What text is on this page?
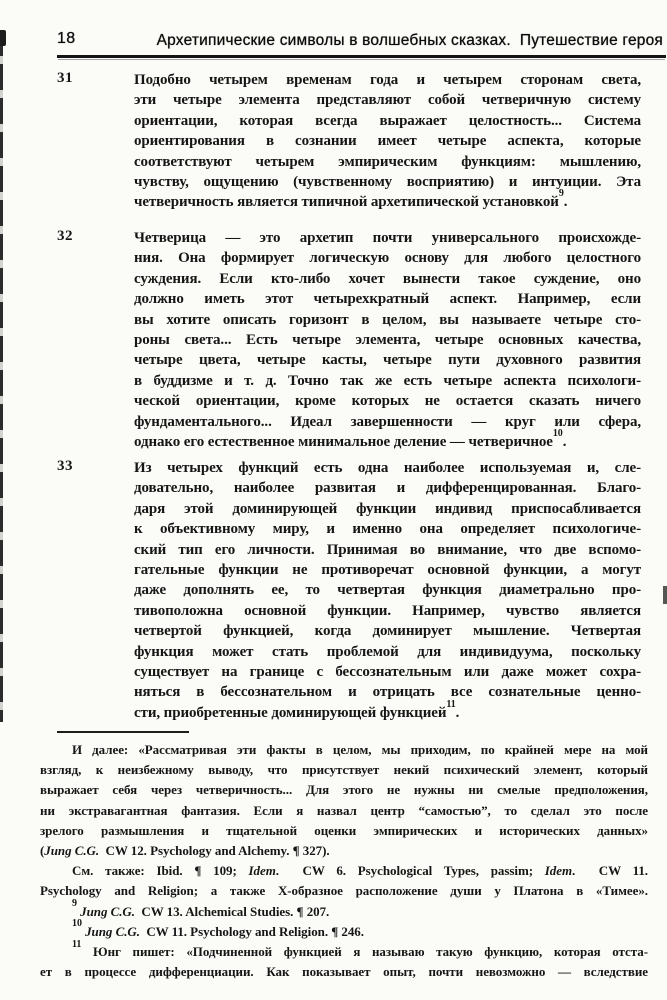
18	Архетипические символы в волшебных сказках.  Путешествие героя
31	Подобно четырем временам года и четырем сторонам света,
эти четыре элемента представляют собой четверичную систему
ориентации, которая всегда выражает целостность... Система
ориентирования в сознании имеет четыре аспекта, которые
соответствуют четырем эмпирическим функциям: мышлению,
чувству, ощущению (чувственному восприятию) и интуиции. Эта
четверичность является типичной архетипической установкой$^9$.
32	Четверица — это архетип почти универсального происхожде-
ния. Она формирует логическую основу для любого целостного
суждения. Если кто-либо хочет вынести такое суждение, оно
должно иметь этот четырехкратный аспект. Например, если
вы хотите описать горизонт в целом, вы называете четыре сто-
роны света... Есть четыре элемента, четыре основных качества,
четыре цвета, четыре касты, четыре пути духовного развития
в буддизме и т. д. Точно так же есть четыре аспекта психологи-
ческой ориентации, кроме которых не остается сказать ничего
фундаментального... Идеал завершенности — круг или сфера,
однако его естественное минимальное деление — четверичное$^{10}$.
33	Из четырех функций есть одна наиболее используемая и, сле-
довательно, наиболее развитая и дифференцированная. Благо-
даря этой доминирующей функции индивид приспосабливается
к объективному миру, и именно она определяет психологиче-
ский тип его личности. Принимая во внимание, что две вспомо-
гательные функции не противоречат основной функции, а могут
даже дополнять ее, то четвертая функция диаметрально про-
тивоположна основной функции. Например, чувство является
четвертой функцией, когда доминирует мышление. Четвертая
функция может стать проблемой для индивидуума, поскольку
существует на границе с бессознательным или даже может сохра-
няться в бессознательном и отрицать все сознательные ценно-
сти, приобретенные доминирующей функцией$^{11}$.
И далее: «Рассматривая эти факты в целом, мы приходим, по крайней мере на мой
взгляд, к неизбежному выводу, что присутствует некий психический элемент, который
выражает себя через четверичность... Для этого не нужны ни смелые предположения,
ни экстравагантная фантазия. Если я назвал центр “самостью”, то сделал это после
зрелого размышления и тщательной оценки эмпирических и исторических данных»
(Jung C.G.  CW 12. Psychology and Alchemy. ¶ 327).
См. также: Ibid. ¶ 109; Idem.  CW 6. Psychological Types, passim; Idem.  CW 11.
Psychology and Religion; а также Х-образное расположение души у Платона в «Тимее».
$^9$ Jung C.G.  CW 13. Alchemical Studies. ¶ 207.
$^{10}$ Jung C.G.  CW 11. Psychology and Religion. ¶ 246.
$^{11}$ Юнг пишет: «Подчиненной функцией я называю такую функцию, которая отста-
ет в процессе дифференциации. Как показывает опыт, почти невозможно — вследствие
